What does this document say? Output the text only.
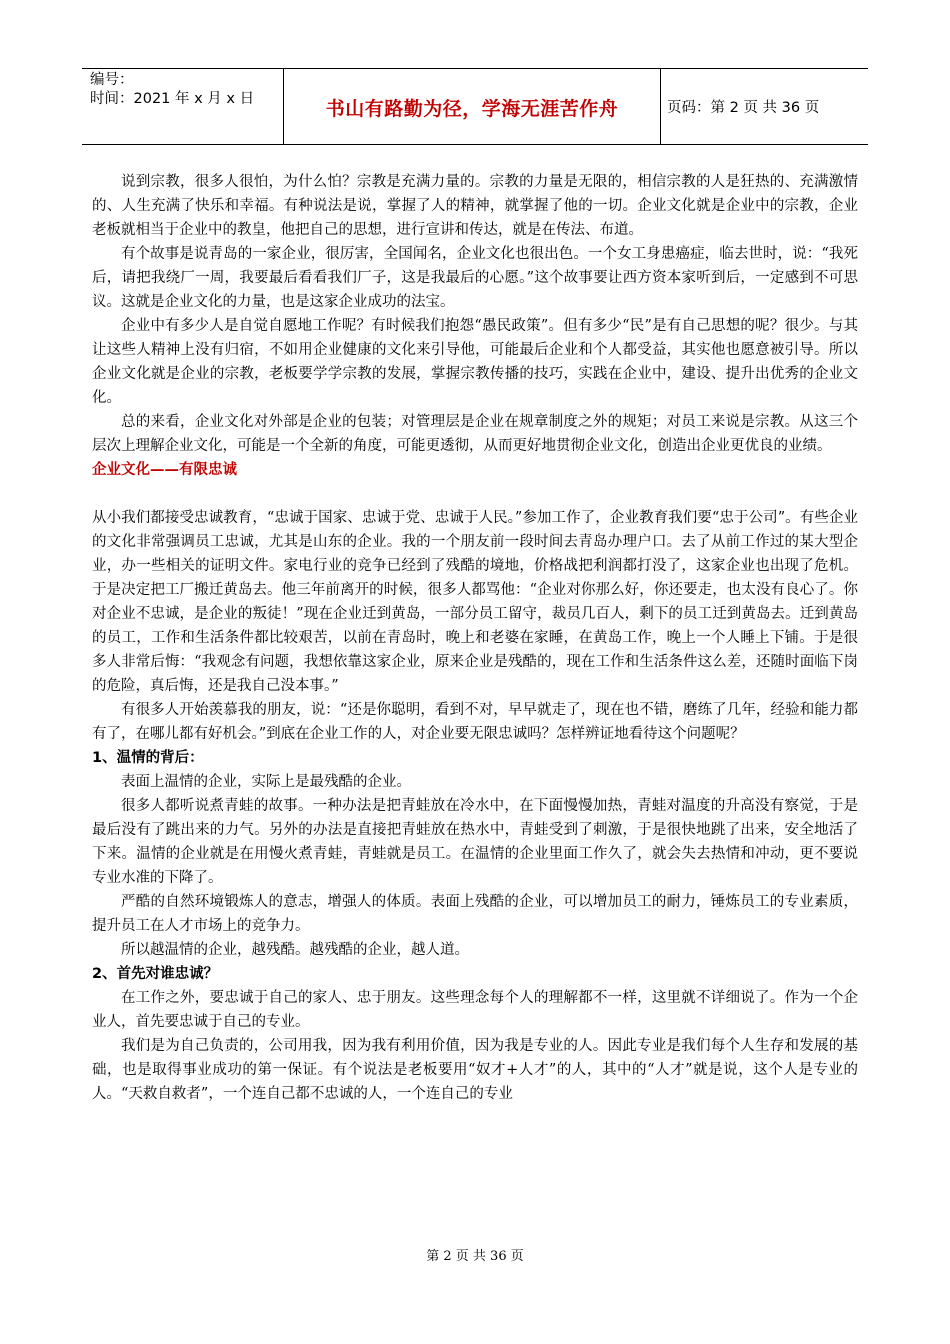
编号：
时间：2021 年 x 月 x 日	书山有路勤为径，学海无涯苦作舟	页码：第 2 页 共 36 页

说到宗教，很多人很怕，为什么怕？宗教是充满力量的。宗教的力量是无限的，相信宗教的人是狂热的、充满激情的、人生充满了快乐和幸福。有种说法是说，掌握了人的精神，就掌握了他的一切。企业文化就是企业中的宗教，企业老板就相当于企业中的教皇，他把自己的思想，进行宣讲和传达，就是在传法、布道。

有个故事是说青岛的一家企业，很厉害，全国闻名，企业文化也很出色。一个女工身患癌症，临去世时，说：“我死后，请把我绕厂一周，我要最后看看我们厂子，这是我最后的心愿。”这个故事要让西方资本家听到后，一定感到不可思议。这就是企业文化的力量，也是这家企业成功的法宝。

企业中有多少人是自觉自愿地工作呢？有时候我们抱怨“愚民政策”。但有多少“民”是有自己思想的呢？很少。与其让这些人精神上没有归宿，不如用企业健康的文化来引导他，可能最后企业和个人都受益，其实他也愿意被引导。所以企业文化就是企业的宗教，老板要学学宗教的发展，掌握宗教传播的技巧，实践在企业中，建设、提升出优秀的企业文化。

总的来看，企业文化对外部是企业的包装；对管理层是企业在规章制度之外的规矩；对员工来说是宗教。从这三个层次上理解企业文化，可能是一个全新的角度，可能更透彻，从而更好地贯彻企业文化，创造出企业更优良的业绩。

企业文化——有限忠诚

从小我们都接受忠诚教育，“忠诚于国家、忠诚于党、忠诚于人民。”参加工作了，企业教育我们要“忠于公司”。有些企业的文化非常强调员工忠诚，尤其是山东的企业。我的一个朋友前一段时间去青岛办理户口。去了从前工作过的某大型企业，办一些相关的证明文件。家电行业的竞争已经到了残酷的境地，价格战把利润都打没了，这家企业也出现了危机。于是决定把工厂搬迁黄岛去。他三年前离开的时候，很多人都骂他：“企业对你那么好，你还要走，也太没有良心了。你对企业不忠诚，是企业的叛徒！”现在企业迁到黄岛，一部分员工留守，裁员几百人，剩下的员工迁到黄岛去。迁到黄岛的员工，工作和生活条件都比较艰苦，以前在青岛时，晚上和老婆在家睡，在黄岛工作，晚上一个人睡上下铺。于是很多人非常后悔：“我观念有问题，我想依靠这家企业，原来企业是残酷的，现在工作和生活条件这么差，还随时面临下岗的危险，真后悔，还是我自己没本事。”

有很多人开始羡慕我的朋友，说：“还是你聪明，看到不对，早早就走了，现在也不错，磨练了几年，经验和能力都有了，在哪儿都有好机会。”到底在企业工作的人，对企业要无限忠诚吗？怎样辨证地看待这个问题呢？

1、温情的背后：

表面上温情的企业，实际上是最残酷的企业。

很多人都听说煮青蛙的故事。一种办法是把青蛙放在冷水中，在下面慢慢加热，青蛙对温度的升高没有察觉，于是最后没有了跳出来的力气。另外的办法是直接把青蛙放在热水中，青蛙受到了刺激，于是很快地跳了出来，安全地活了下来。温情的企业就是在用慢火煮青蛙，青蛙就是员工。在温情的企业里面工作久了，就会失去热情和冲动，更不要说专业水准的下降了。

严酷的自然环境锻炼人的意志，增强人的体质。表面上残酷的企业，可以增加员工的耐力，锤炼员工的专业素质，提升员工在人才市场上的竞争力。

所以越温情的企业，越残酷。越残酷的企业，越人道。

2、首先对谁忠诚？

在工作之外，要忠诚于自己的家人、忠于朋友。这些理念每个人的理解都不一样，这里就不详细说了。作为一个企业人，首先要忠诚于自己的专业。

我们是为自己负责的，公司用我，因为我有利用价值，因为我是专业的人。因此专业是我们每个人生存和发展的基础，也是取得事业成功的第一保证。有个说法是老板要用“奴才+人才”的人，其中的“人才”就是说，这个人是专业的人。“天救自救者”，一个连自己都不忠诚的人，一个连自己的专业

第 2 页 共 36 页
